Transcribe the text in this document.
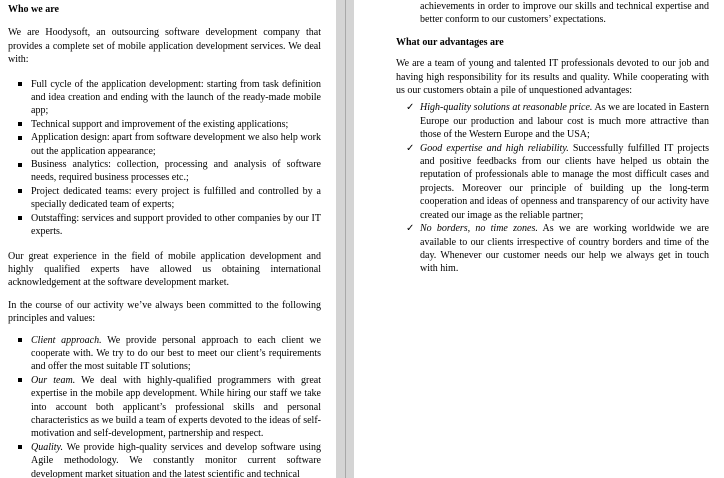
Who we are

We are Hoodysoft, an outsourcing software development company that provides a complete set of mobile application development services. We deal with:

Full cycle of the application development: starting from task definition and idea creation and ending with the launch of the ready-made mobile app;
Technical support and improvement of the existing applications;
Application design: apart from software development we also help work out the application appearance;
Business analytics: collection, processing and analysis of software needs, required business processes etc.;
Project dedicated teams: every project is fulfilled and controlled by a specially dedicated team of experts;
Outstaffing: services and support provided to other companies by our IT experts.

Our great experience in the field of mobile application development and highly qualified experts have allowed us obtaining international acknowledgement at the software development market.

In the course of our activity we’ve always been committed to the following principles and values:

Client approach. We provide personal approach to each client we cooperate with. We try to do our best to meet our client’s requirements and offer the most suitable IT solutions;
Our team. We deal with highly-qualified programmers with great expertise in the mobile app development. While hiring our staff we take into account both applicant’s professional skills and personal characteristics as we build a team of experts devoted to the ideas of self-motivation and self-development, partnership and respect.
Quality. We provide high-quality services and develop software using Agile methodology. We constantly monitor current software development market situation and the latest scientific and technical

achievements in order to improve our skills and technical expertise and better conform to our customers’ expectations.

What our advantages are

We are a team of young and talented IT professionals devoted to our job and having high responsibility for its results and quality. While cooperating with us our customers obtain a pile of unquestioned advantages:

✓ High-quality solutions at reasonable price. As we are located in Eastern Europe our production and labour cost is much more attractive than those of the Western Europe and the USA;
✓ Good expertise and high reliability. Successfully fulfilled IT projects and positive feedbacks from our clients have helped us obtain the reputation of professionals able to manage the most difficult cases and projects. Moreover our principle of building up the long-term cooperation and ideas of openness and transparency of our activity have created our image as the reliable partner;
✓ No borders, no time zones. As we are working worldwide we are available to our clients irrespective of country borders and time of the day. Whenever our customer needs our help we always get in touch with him.
